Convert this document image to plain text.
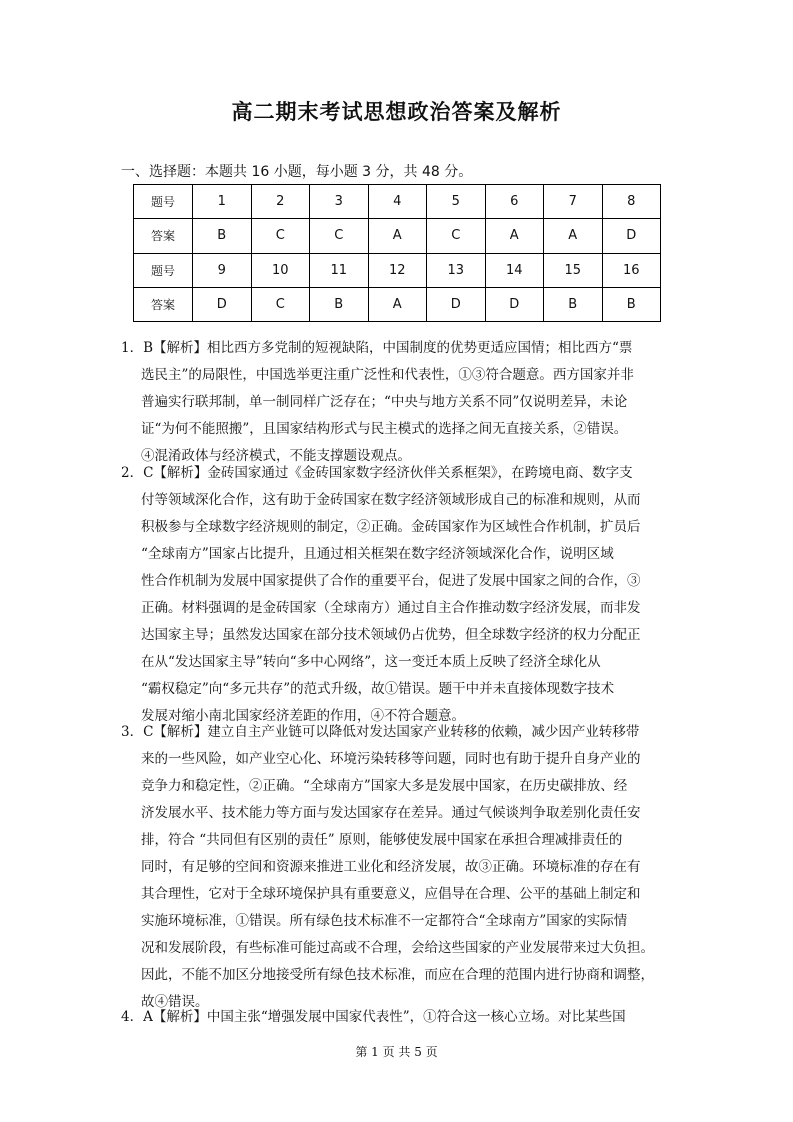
高二期末考试思想政治答案及解析
一、选择题：本题共 16 小题，每小题 3 分，共 48 分。
题号	1	2	3	4	5	6	7	8
答案	B	C	C	A	C	A	A	D
题号	9	10	11	12	13	14	15	16
答案	D	C	B	A	D	D	B	B
1．B【解析】相比西方多党制的短视缺陷，中国制度的优势更适应国情；相比西方“票
选民主”的局限性，中国选举更注重广泛性和代表性，①③符合题意。西方国家并非
普遍实行联邦制，单一制同样广泛存在；“中央与地方关系不同”仅说明差异，未论
证“为何不能照搬”，且国家结构形式与民主模式的选择之间无直接关系，②错误。
④混淆政体与经济模式，不能支撑题设观点。
2．C【解析】金砖国家通过《金砖国家数字经济伙伴关系框架》，在跨境电商、数字支
付等领域深化合作，这有助于金砖国家在数字经济领域形成自己的标准和规则，从而
积极参与全球数字经济规则的制定，②正确。金砖国家作为区域性合作机制，扩员后
“全球南方”国家占比提升，且通过相关框架在数字经济领域深化合作，说明区域
性合作机制为发展中国家提供了合作的重要平台，促进了发展中国家之间的合作，③
正确。材料强调的是金砖国家（全球南方）通过自主合作推动数字经济发展，而非发
达国家主导；虽然发达国家在部分技术领域仍占优势，但全球数字经济的权力分配正
在从“发达国家主导”转向“多中心网络”，这一变迁本质上反映了经济全球化从
“霸权稳定”向“多元共存”的范式升级，故①错误。题干中并未直接体现数字技术
发展对缩小南北国家经济差距的作用，④不符合题意。
3．C【解析】建立自主产业链可以降低对发达国家产业转移的依赖，减少因产业转移带
来的一些风险，如产业空心化、环境污染转移等问题，同时也有助于提升自身产业的
竞争力和稳定性，②正确。“全球南方”国家大多是发展中国家，在历史碳排放、经
济发展水平、技术能力等方面与发达国家存在差异。通过气候谈判争取差别化责任安
排，符合 “共同但有区别的责任” 原则，能够使发展中国家在承担合理减排责任的
同时，有足够的空间和资源来推进工业化和经济发展，故③正确。环境标准的存在有
其合理性，它对于全球环境保护具有重要意义，应倡导在合理、公平的基础上制定和
实施环境标准，①错误。所有绿色技术标准不一定都符合“全球南方”国家的实际情
况和发展阶段，有些标准可能过高或不合理，会给这些国家的产业发展带来过大负担。
因此，不能不加区分地接受所有绿色技术标准，而应在合理的范围内进行协商和调整，
故④错误。
4．A【解析】中国主张“增强发展中国家代表性”，①符合这一核心立场。对比某些国
第 1 页 共 5 页
